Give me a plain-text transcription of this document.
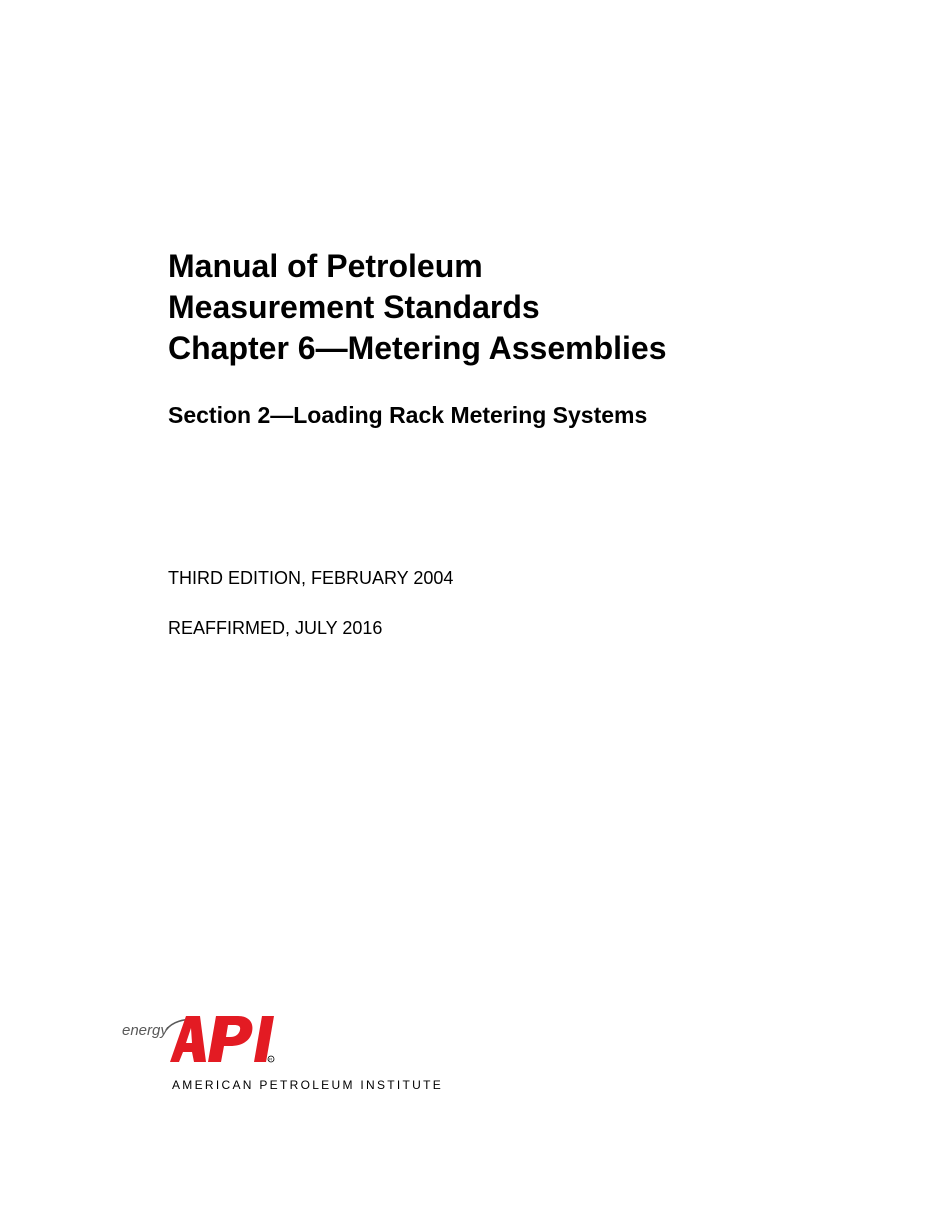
Manual of Petroleum
Measurement Standards
Chapter 6—Metering Assemblies
Section 2—Loading Rack Metering Systems
THIRD EDITION, FEBRUARY 2004
REAFFIRMED, JULY 2016
energy
R
AMERICAN PETROLEUM INSTITUTE
